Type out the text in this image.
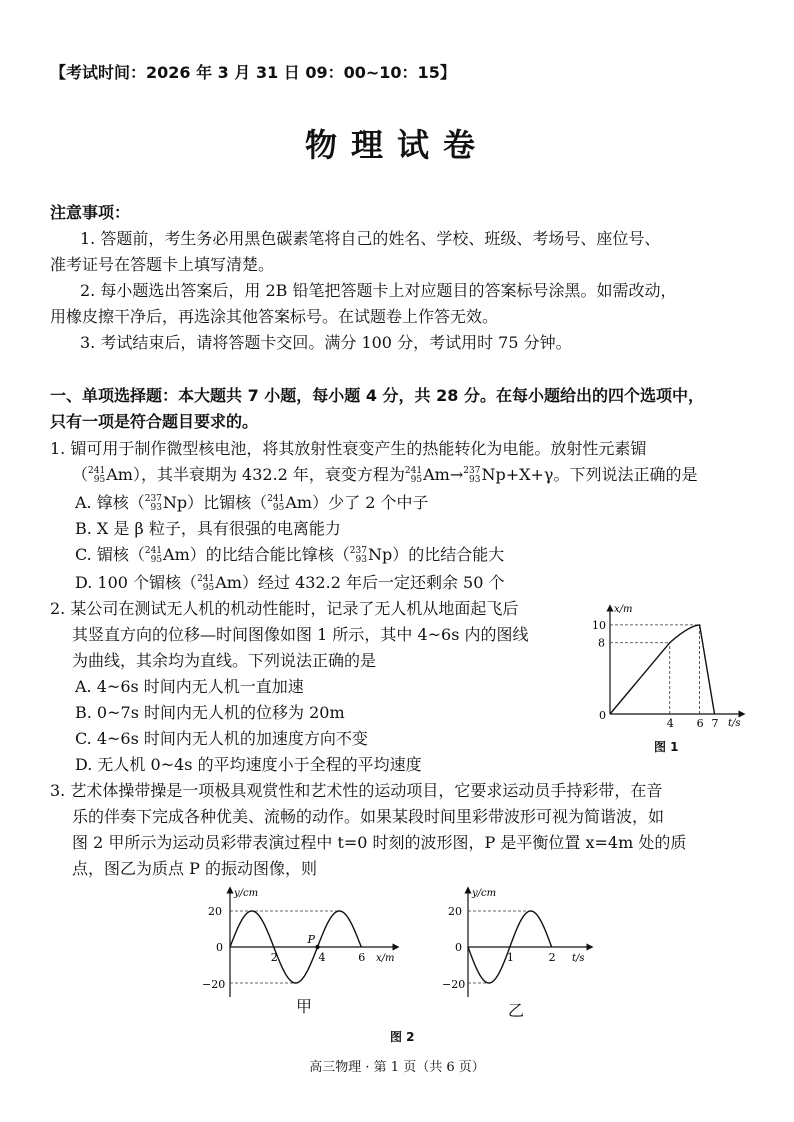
【考试时间：2026 年 3 月 31 日 09：00~10：15】
物理试卷
注意事项：
1. 答题前，考生务必用黑色碳素笔将自己的姓名、学校、班级、考场号、座位号、
准考证号在答题卡上填写清楚。
2. 每小题选出答案后，用 2B 铅笔把答题卡上对应题目的答案标号涂黑。如需改动，
用橡皮擦干净后，再选涂其他答案标号。在试题卷上作答无效。
3. 考试结束后，请将答题卡交回。满分 100 分，考试用时 75 分钟。
一、单项选择题：本大题共 7 小题，每小题 4 分，共 28 分。在每小题给出的四个选项中，
只有一项是符合题目要求的。
1. 镅可用于制作微型核电池，将其放射性衰变产生的热能转化为电能。放射性元素镅
（ 241
95 Am），其半衰期为 432.2 年，衰变方程为 241
95 Am→ 237
93 Np+X+γ。下列说法正确的是
A. 镎核（ 237
93 Np）比镅核（ 241
95 Am）少了 2 个中子
B. X 是 β 粒子，具有很强的电离能力
C. 镅核（ 241
95 Am）的比结合能比镎核（ 237
93 Np）的比结合能大
D. 100 个镅核（ 241
95 Am）经过 432.2 年后一定还剩余 50 个
2. 某公司在测试无人机的机动性能时，记录了无人机从地面起飞后
其竖直方向的位移—时间图像如图 1 所示，其中 4~6s 内的图线
为曲线，其余均为直线。下列说法正确的是
A. 4~6s 时间内无人机一直加速
B. 0~7s 时间内无人机的位移为 20m
C. 4~6s 时间内无人机的加速度方向不变
D. 无人机 0~4s 的平均速度小于全程的平均速度
x/m
t/s
0
10
8
4 6 7
图 1
3. 艺术体操带操是一项极具观赏性和艺术性的运动项目，它要求运动员手持彩带，在音
乐的伴奏下完成各种优美、流畅的动作。如果某段时间里彩带波形可视为简谐波，如
图 2 甲所示为运动员彩带表演过程中 t=0 时刻的波形图，P 是平衡位置 x=4m 处的质
点，图乙为质点 P 的振动图像，则
P
y/cm
x/m
20
0
−20
2	4	6
甲
y/cm
t/s
20
0
−20
1	2
乙
图 2
高三物理 · 第 1 页（共 6 页）
